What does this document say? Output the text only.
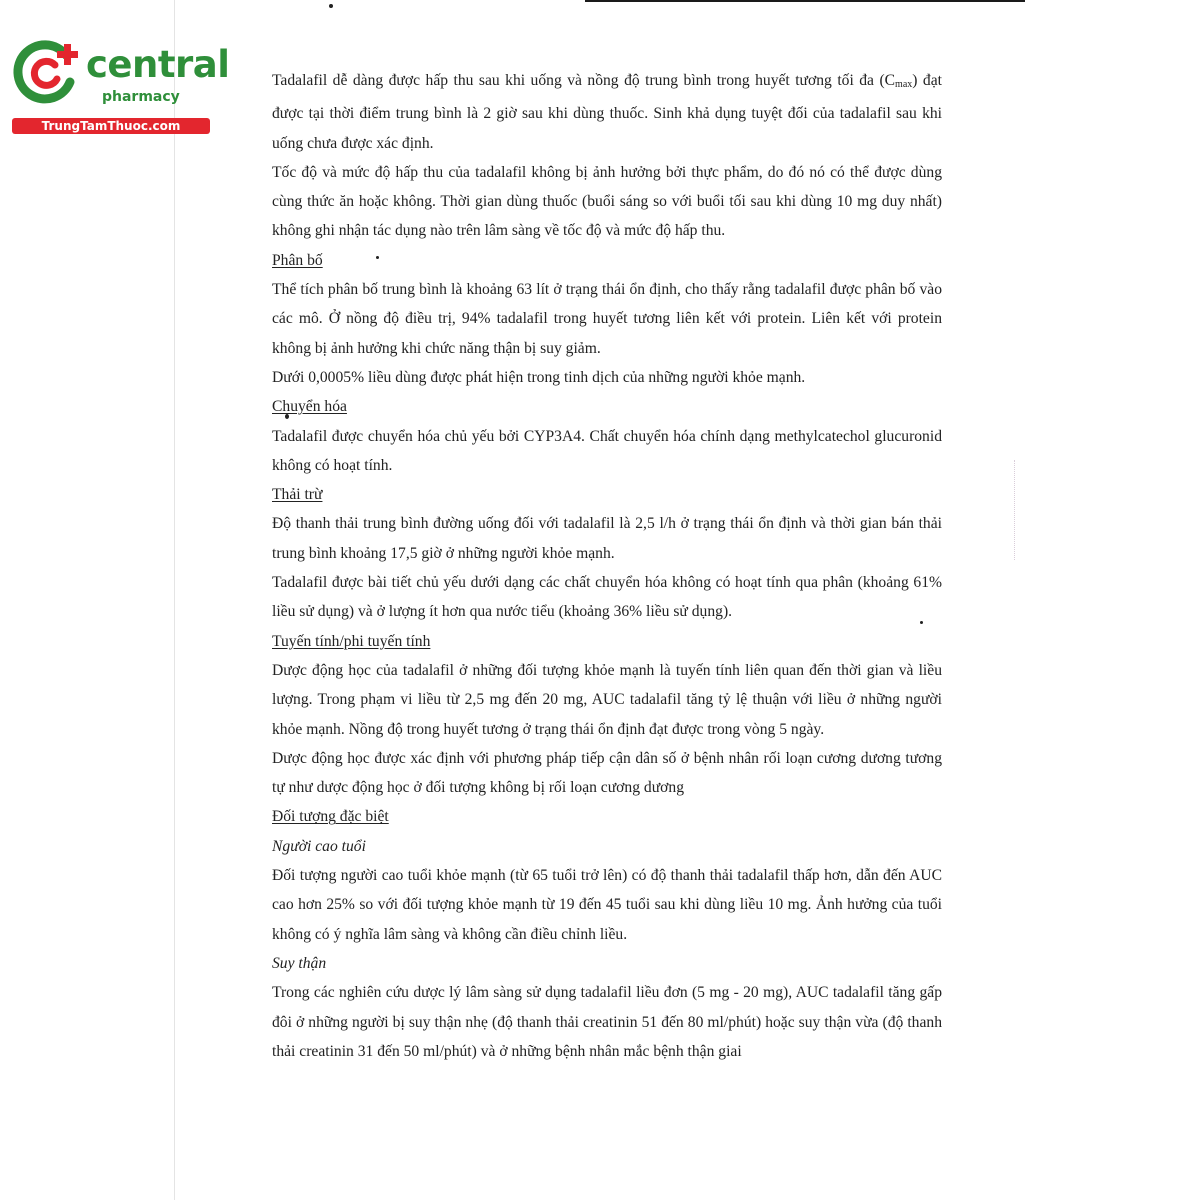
central
pharmacy
TrungTamThuoc.com

Tadalafil dễ dàng được hấp thu sau khi uống và nồng độ trung bình trong huyết tương tối đa $(C_{max})$ đạt được tại thời điểm trung bình là 2 giờ sau khi dùng thuốc. Sinh khả dụng tuyệt đối của tadalafil sau khi uống chưa được xác định.

Tốc độ và mức độ hấp thu của tadalafil không bị ảnh hưởng bởi thực phẩm, do đó nó có thể được dùng cùng thức ăn hoặc không. Thời gian dùng thuốc (buổi sáng so với buổi tối sau khi dùng 10 mg duy nhất) không ghi nhận tác dụng nào trên lâm sàng về tốc độ và mức độ hấp thu.

Phân bố

Thể tích phân bố trung bình là khoảng 63 lít ở trạng thái ổn định, cho thấy rằng tadalafil được phân bố vào các mô. Ở nồng độ điều trị, 94% tadalafil trong huyết tương liên kết với protein. Liên kết với protein không bị ảnh hưởng khi chức năng thận bị suy giảm.

Dưới 0,0005% liều dùng được phát hiện trong tinh dịch của những người khỏe mạnh.

Chuyển hóa

Tadalafil được chuyển hóa chủ yếu bởi CYP3A4. Chất chuyển hóa chính dạng methylcatechol glucuronid không có hoạt tính.

Thải trừ

Độ thanh thải trung bình đường uống đối với tadalafil là 2,5 l/h ở trạng thái ổn định và thời gian bán thải trung bình khoảng 17,5 giờ ở những người khỏe mạnh.

Tadalafil được bài tiết chủ yếu dưới dạng các chất chuyển hóa không có hoạt tính qua phân (khoảng 61% liều sử dụng) và ở lượng ít hơn qua nước tiểu (khoảng 36% liều sử dụng).

Tuyến tính/phi tuyến tính

Dược động học của tadalafil ở những đối tượng khỏe mạnh là tuyến tính liên quan đến thời gian và liều lượng. Trong phạm vi liều từ 2,5 mg đến 20 mg, AUC tadalafil tăng tỷ lệ thuận với liều ở những người khỏe mạnh. Nồng độ trong huyết tương ở trạng thái ổn định đạt được trong vòng 5 ngày.

Dược động học được xác định với phương pháp tiếp cận dân số ở bệnh nhân rối loạn cương dương tương tự như dược động học ở đối tượng không bị rối loạn cương dương

Đối tượng đặc biệt

Người cao tuổi

Đối tượng người cao tuổi khỏe mạnh (từ 65 tuổi trở lên) có độ thanh thải tadalafil thấp hơn, dẫn đến AUC cao hơn 25% so với đối tượng khỏe mạnh từ 19 đến 45 tuổi sau khi dùng liều 10 mg. Ảnh hưởng của tuổi không có ý nghĩa lâm sàng và không cần điều chỉnh liều.

Suy thận

Trong các nghiên cứu dược lý lâm sàng sử dụng tadalafil liều đơn (5 mg - 20 mg), AUC tadalafil tăng gấp đôi ở những người bị suy thận nhẹ (độ thanh thải creatinin 51 đến 80 ml/phút) hoặc suy thận vừa (độ thanh thải creatinin 31 đến 50 ml/phút) và ở những bệnh nhân mắc bệnh thận giai
